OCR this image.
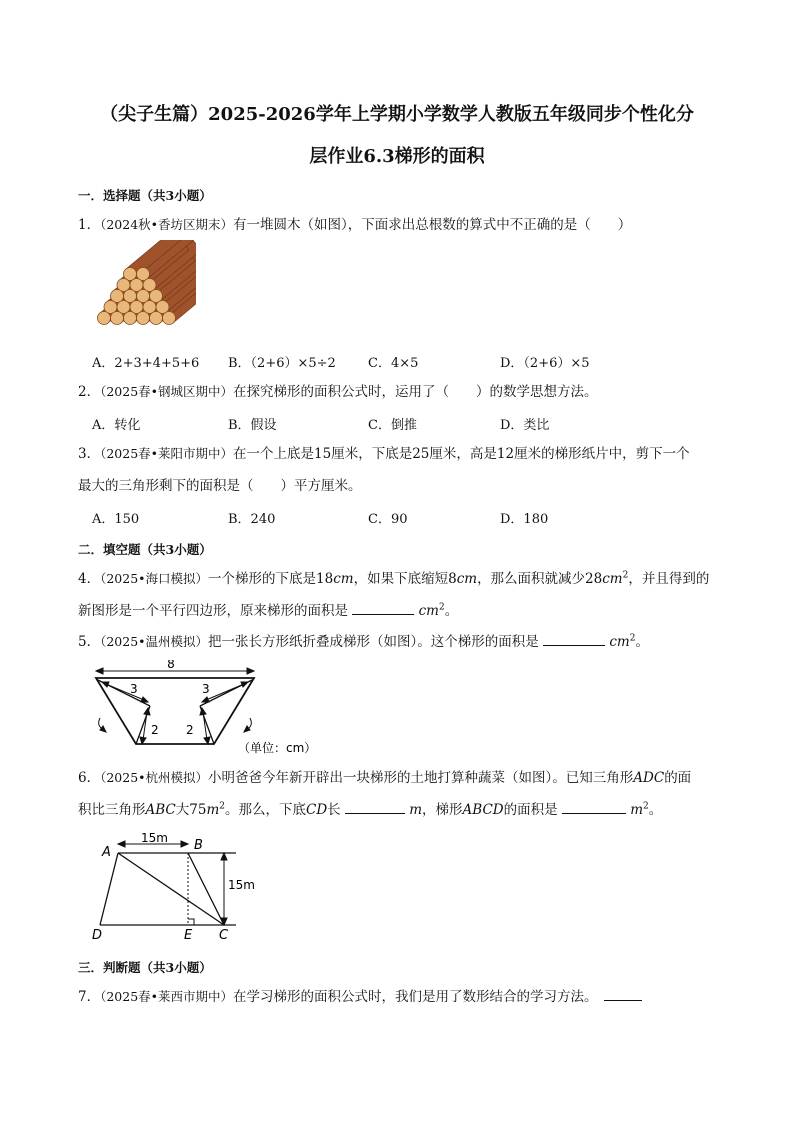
（尖子生篇）2025-2026学年上学期小学数学人教版五年级同步个性化分
层作业6.3梯形的面积
一．选择题（共3小题）
1．（2024秋•香坊区期末）有一堆圆木（如图），下面求出总根数的算式中不正确的是（　　）
A．2+3+4+5+6 B．（2+6）×5÷2 C．4×5	D．（2+6）×5
2．（2025春•钢城区期中）在探究梯形的面积公式时，运用了（　　）的数学思想方法。
A．转化	B．假设	C．倒推	D．类比
3．（2025春•莱阳市期中）在一个上底是15厘米，下底是25厘米，高是12厘米的梯形纸片中，剪下一个
最大的三角形剩下的面积是（　　）平方厘米。
A．150	B．240	C．90	D．180
二．填空题（共3小题）
4．（2025•海口模拟）一个梯形的下底是18cm，如果下底缩短8cm，那么面积就减少$28cm^2$，并且得到的
新图形是一个平行四边形，原来梯形的面积是	$cm^2$。
5．（2025•温州模拟）把一张长方形纸折叠成梯形（如图）。这个梯形的面积是	$cm^2$。
8
3	3
2 2
（单位：cm）
6．（2025•杭州模拟）小明爸爸今年新开辟出一块梯形的土地打算种蔬菜（如图）。已知三角形ADC的面
积比三角形ABC大$75m^2$。那么，下底CD长	m，梯形ABCD的面积是	$m^2$。
15m
15m
A	B
C
D	E
三．判断题（共3小题）
7．（2025春•莱西市期中）在学习梯形的面积公式时，我们是用了数形结合的学习方法。　
